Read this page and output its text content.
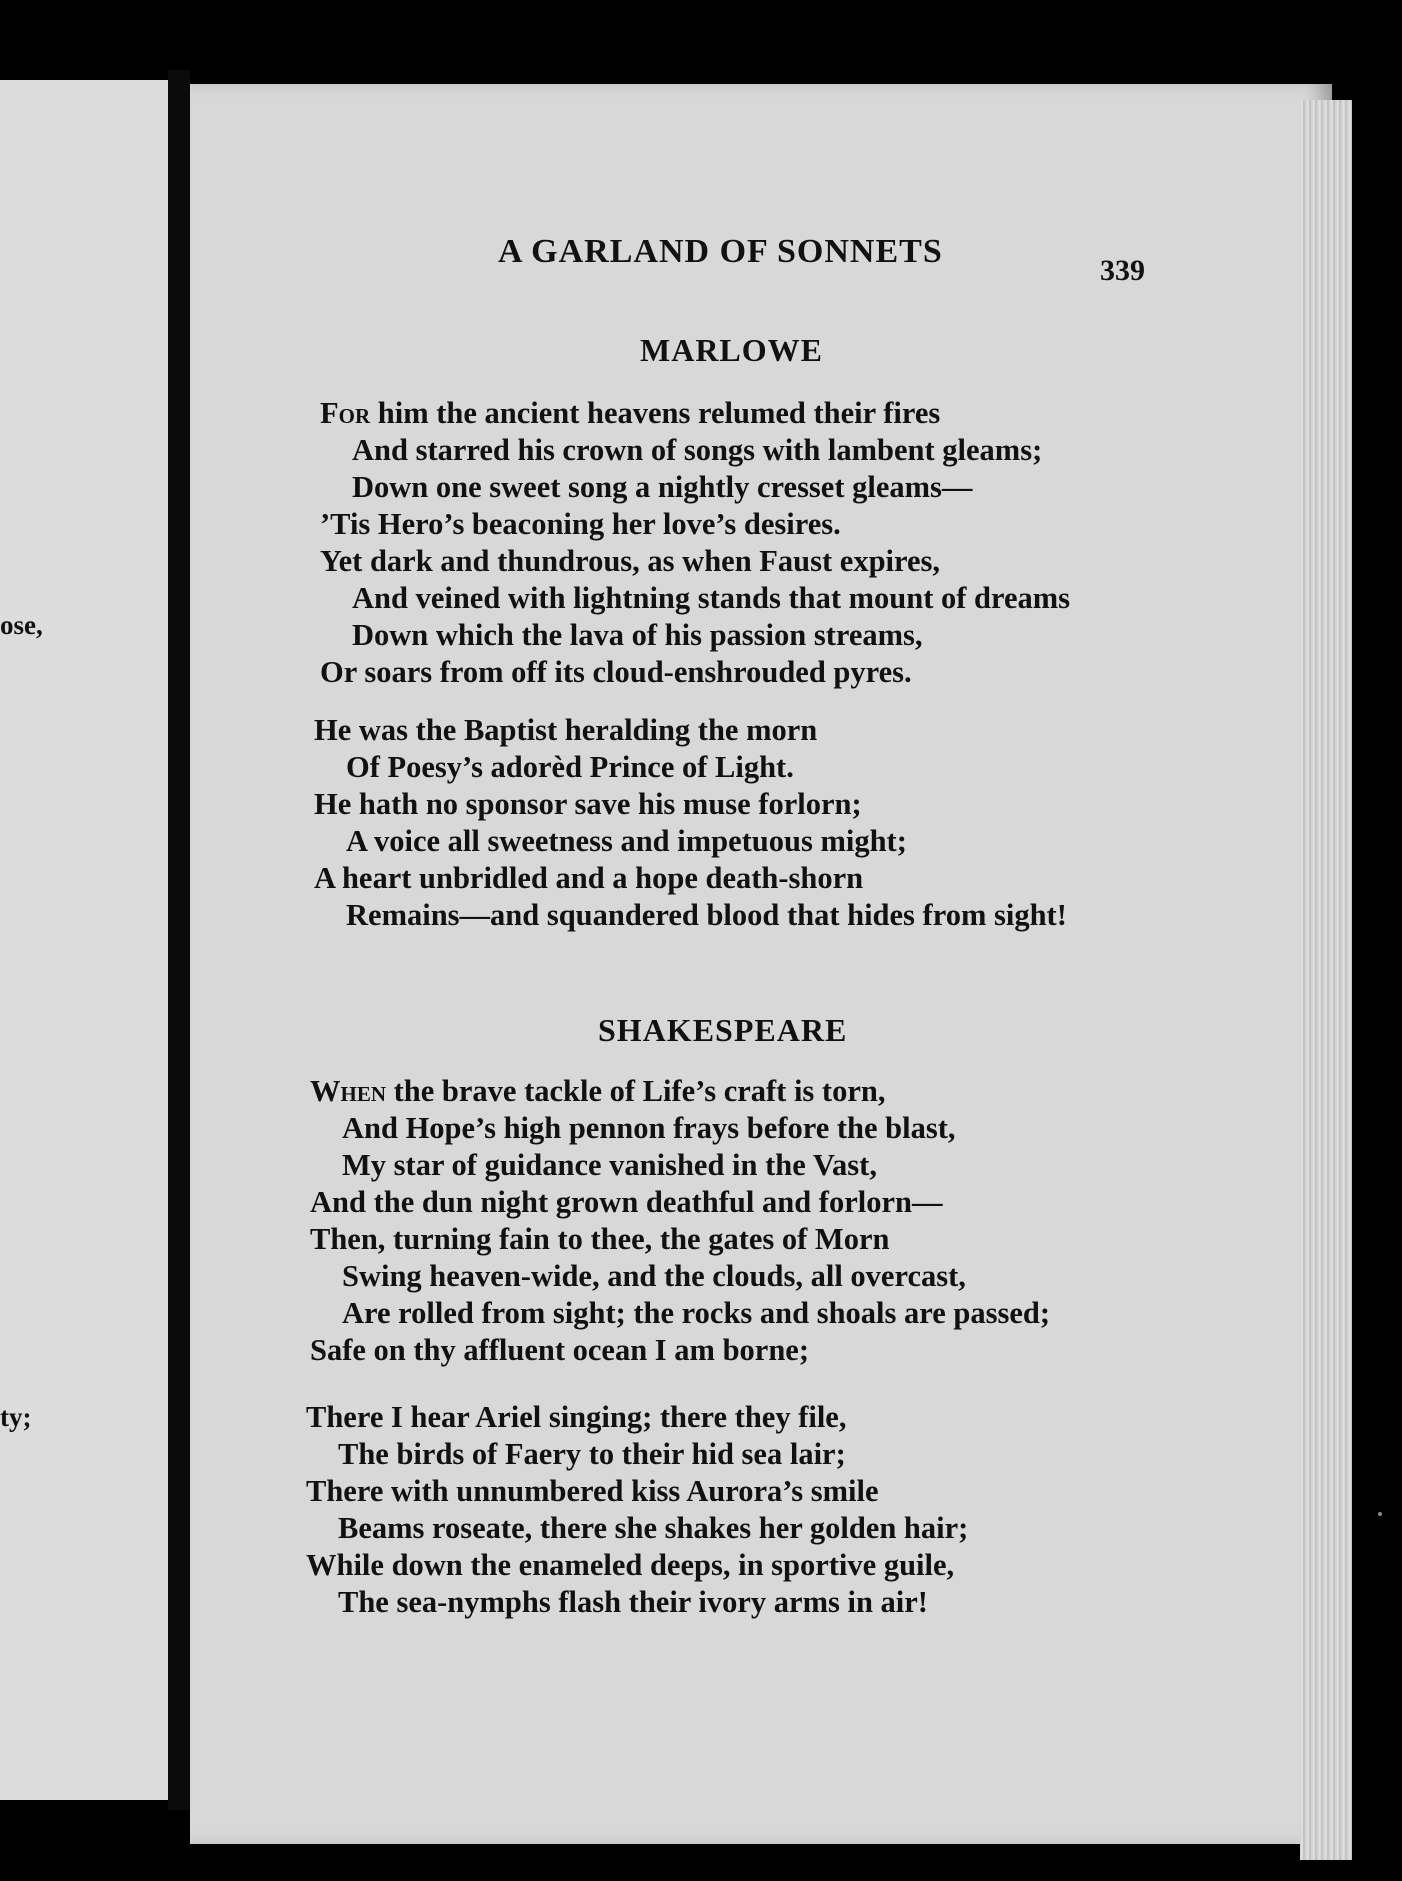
ose,
ty;
A GARLAND OF SONNETS
339
MARLOWE
For him the ancient heavens relumed their fires
And starred his crown of songs with lambent gleams;
Down one sweet song a nightly cresset gleams—
’Tis Hero’s beaconing her love’s desires.
Yet dark and thundrous, as when Faust expires,
And veined with lightning stands that mount of dreams
Down which the lava of his passion streams,
Or soars from off its cloud-enshrouded pyres.
He was the Baptist heralding the morn
Of Poesy’s adorèd Prince of Light.
He hath no sponsor save his muse forlorn;
A voice all sweetness and impetuous might;
A heart unbridled and a hope death-shorn
Remains—and squandered blood that hides from sight!
SHAKESPEARE
When the brave tackle of Life’s craft is torn,
And Hope’s high pennon frays before the blast,
My star of guidance vanished in the Vast,
And the dun night grown deathful and forlorn—
Then, turning fain to thee, the gates of Morn
Swing heaven-wide, and the clouds, all overcast,
Are rolled from sight; the rocks and shoals are passed;
Safe on thy affluent ocean I am borne;
There I hear Ariel singing; there they file,
The birds of Faery to their hid sea lair;
There with unnumbered kiss Aurora’s smile
Beams roseate, there she shakes her golden hair;
While down the enameled deeps, in sportive guile,
The sea-nymphs flash their ivory arms in air!
